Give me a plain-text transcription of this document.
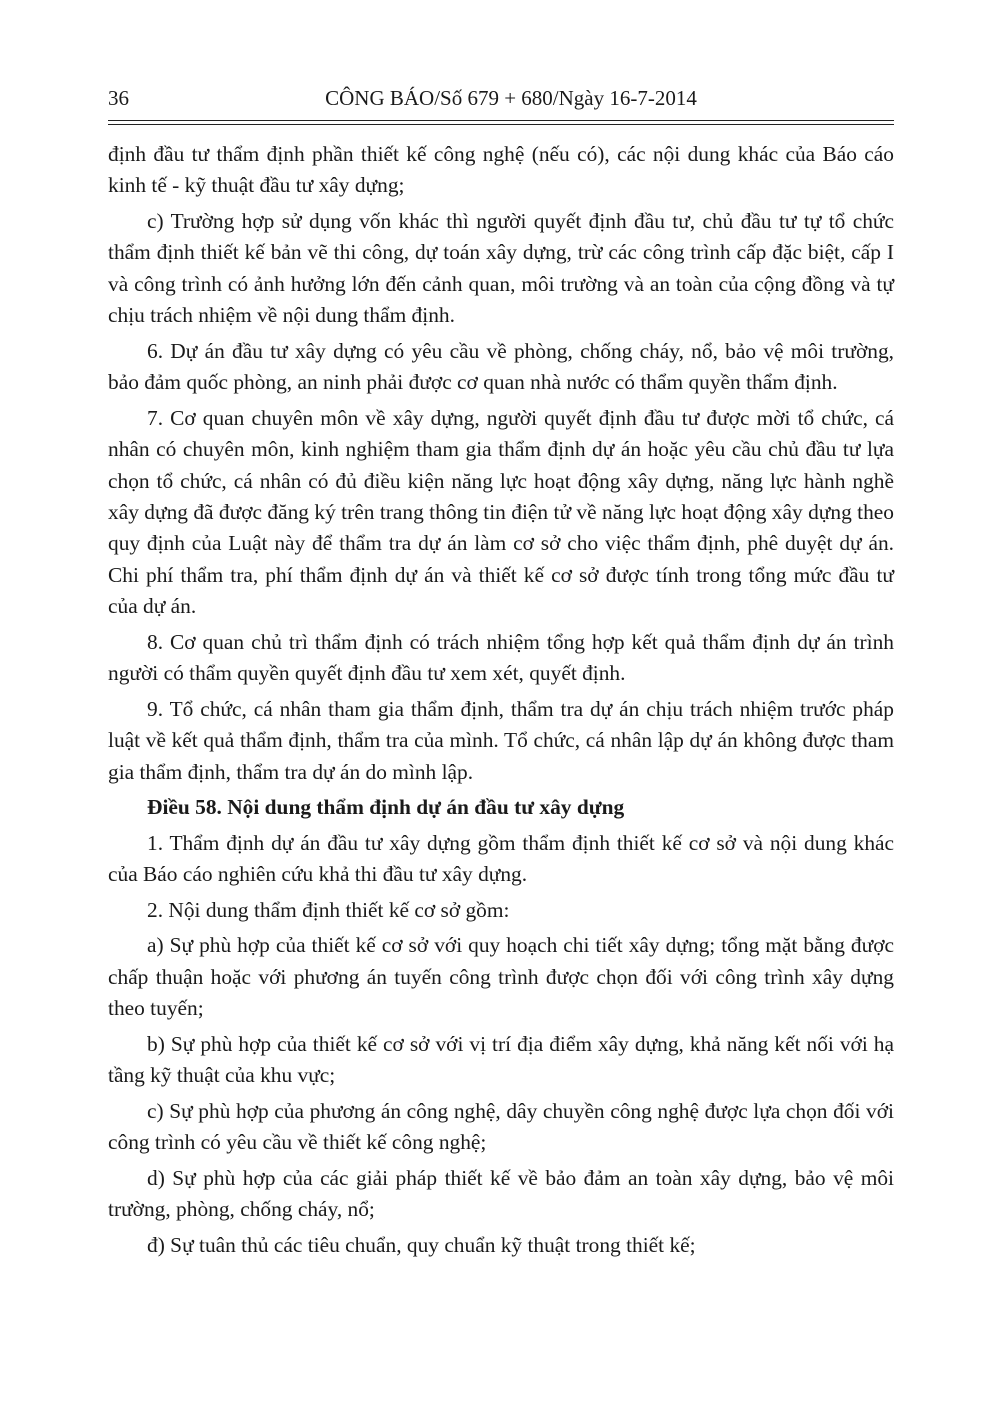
36	CÔNG BÁO/Số 679 + 680/Ngày 16-7-2014

định đầu tư thẩm định phần thiết kế công nghệ (nếu có), các nội dung khác của Báo cáo kinh tế - kỹ thuật đầu tư xây dựng;

c) Trường hợp sử dụng vốn khác thì người quyết định đầu tư, chủ đầu tư tự tổ chức thẩm định thiết kế bản vẽ thi công, dự toán xây dựng, trừ các công trình cấp đặc biệt, cấp I và công trình có ảnh hưởng lớn đến cảnh quan, môi trường và an toàn của cộng đồng và tự chịu trách nhiệm về nội dung thẩm định.

6. Dự án đầu tư xây dựng có yêu cầu về phòng, chống cháy, nổ, bảo vệ môi trường, bảo đảm quốc phòng, an ninh phải được cơ quan nhà nước có thẩm quyền thẩm định.

7. Cơ quan chuyên môn về xây dựng, người quyết định đầu tư được mời tổ chức, cá nhân có chuyên môn, kinh nghiệm tham gia thẩm định dự án hoặc yêu cầu chủ đầu tư lựa chọn tổ chức, cá nhân có đủ điều kiện năng lực hoạt động xây dựng, năng lực hành nghề xây dựng đã được đăng ký trên trang thông tin điện tử về năng lực hoạt động xây dựng theo quy định của Luật này để thẩm tra dự án làm cơ sở cho việc thẩm định, phê duyệt dự án. Chi phí thẩm tra, phí thẩm định dự án và thiết kế cơ sở được tính trong tổng mức đầu tư của dự án.

8. Cơ quan chủ trì thẩm định có trách nhiệm tổng hợp kết quả thẩm định dự án trình người có thẩm quyền quyết định đầu tư xem xét, quyết định.

9. Tổ chức, cá nhân tham gia thẩm định, thẩm tra dự án chịu trách nhiệm trước pháp luật về kết quả thẩm định, thẩm tra của mình. Tổ chức, cá nhân lập dự án không được tham gia thẩm định, thẩm tra dự án do mình lập.

Điều 58. Nội dung thẩm định dự án đầu tư xây dựng

1. Thẩm định dự án đầu tư xây dựng gồm thẩm định thiết kế cơ sở và nội dung khác của Báo cáo nghiên cứu khả thi đầu tư xây dựng.

2. Nội dung thẩm định thiết kế cơ sở gồm:

a) Sự phù hợp của thiết kế cơ sở với quy hoạch chi tiết xây dựng; tổng mặt bằng được chấp thuận hoặc với phương án tuyến công trình được chọn đối với công trình xây dựng theo tuyến;

b) Sự phù hợp của thiết kế cơ sở với vị trí địa điểm xây dựng, khả năng kết nối với hạ tầng kỹ thuật của khu vực;

c) Sự phù hợp của phương án công nghệ, dây chuyền công nghệ được lựa chọn đối với công trình có yêu cầu về thiết kế công nghệ;

d) Sự phù hợp của các giải pháp thiết kế về bảo đảm an toàn xây dựng, bảo vệ môi trường, phòng, chống cháy, nổ;

đ) Sự tuân thủ các tiêu chuẩn, quy chuẩn kỹ thuật trong thiết kế;
